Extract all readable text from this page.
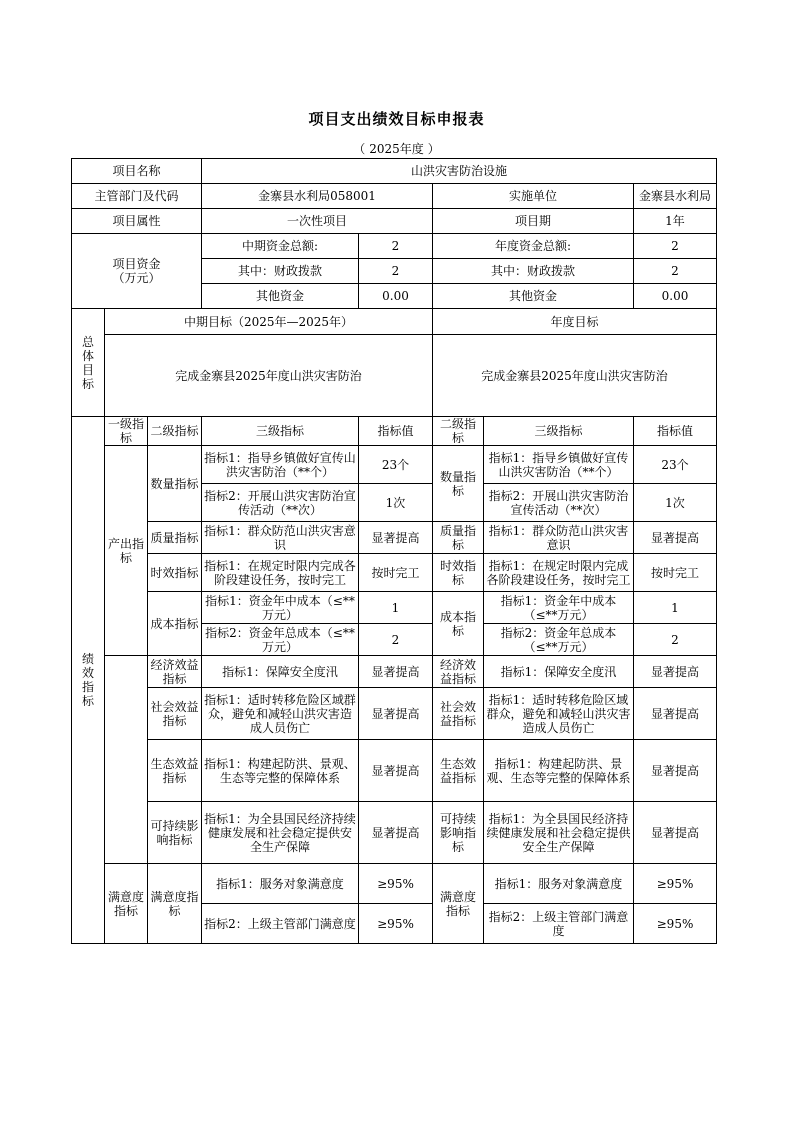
项目支出绩效目标申报表
（ 2025年度 ）
项目名称			山洪灾害防治设施				
主管部门及代码			金寨县水利局058001		实施单位		金寨县水利局
项目属性			一次性项目		项目期		1年
项目资金（万元）			中期资金总额:	2	年度资金总额:		2
			其中：财政拨款	2	其中：财政拨款		2
			其他资金	0.00	其他资金		0.00

总体目标	中期目标（2025年—2025年）				年度目标		
	完成金寨县2025年度山洪灾害防治				完成金寨县2025年度山洪灾害防治		

绩效指标	一级指标	二级指标	三级指标	指标值	二级指标	三级指标	指标值
	产出指标	数量指标	指标1：指导乡镇做好宣传山洪灾害防治（**个）	23个	数量指标	指标1：指导乡镇做好宣传山洪灾害防治（**个）	23个
			指标2：开展山洪灾害防治宣传活动（**次）	1次		指标2：开展山洪灾害防治宣传活动（**次）	1次
		质量指标	指标1：群众防范山洪灾害意识	显著提高	质量指标	指标1：群众防范山洪灾害意识	显著提高
		时效指标	指标1：在规定时限内完成各阶段建设任务，按时完工	按时完工	时效指标	指标1：在规定时限内完成各阶段建设任务，按时完工	按时完工
		成本指标	指标1：资金年中成本（≤**万元）	1	成本指标	指标1：资金年中成本（≤**万元）	1
			指标2：资金年总成本（≤**万元）	2		指标2：资金年总成本（≤**万元）	2
		经济效益指标	指标1：保障安全度汛	显著提高	经济效益指标	指标1：保障安全度汛	显著提高
		社会效益指标	指标1：适时转移危险区域群众，避免和减轻山洪灾害造成人员伤亡	显著提高	社会效益指标	指标1：适时转移危险区域群众，避免和减轻山洪灾害造成人员伤亡	显著提高
		生态效益指标	指标1：构建起防洪、景观、生态等完整的保障体系	显著提高	生态效益指标	指标1：构建起防洪、景观、生态等完整的保障体系	显著提高
		可持续影响指标	指标1：为全县国民经济持续健康发展和社会稳定提供安全生产保障	显著提高	可持续影响指标	指标1：为全县国民经济持续健康发展和社会稳定提供安全生产保障	显著提高
	满意度指标	满意度指标	指标1：服务对象满意度	≥95%	满意度指标	指标1：服务对象满意度	≥95%
			指标2：上级主管部门满意度	≥95%		指标2：上级主管部门满意度	≥95%
